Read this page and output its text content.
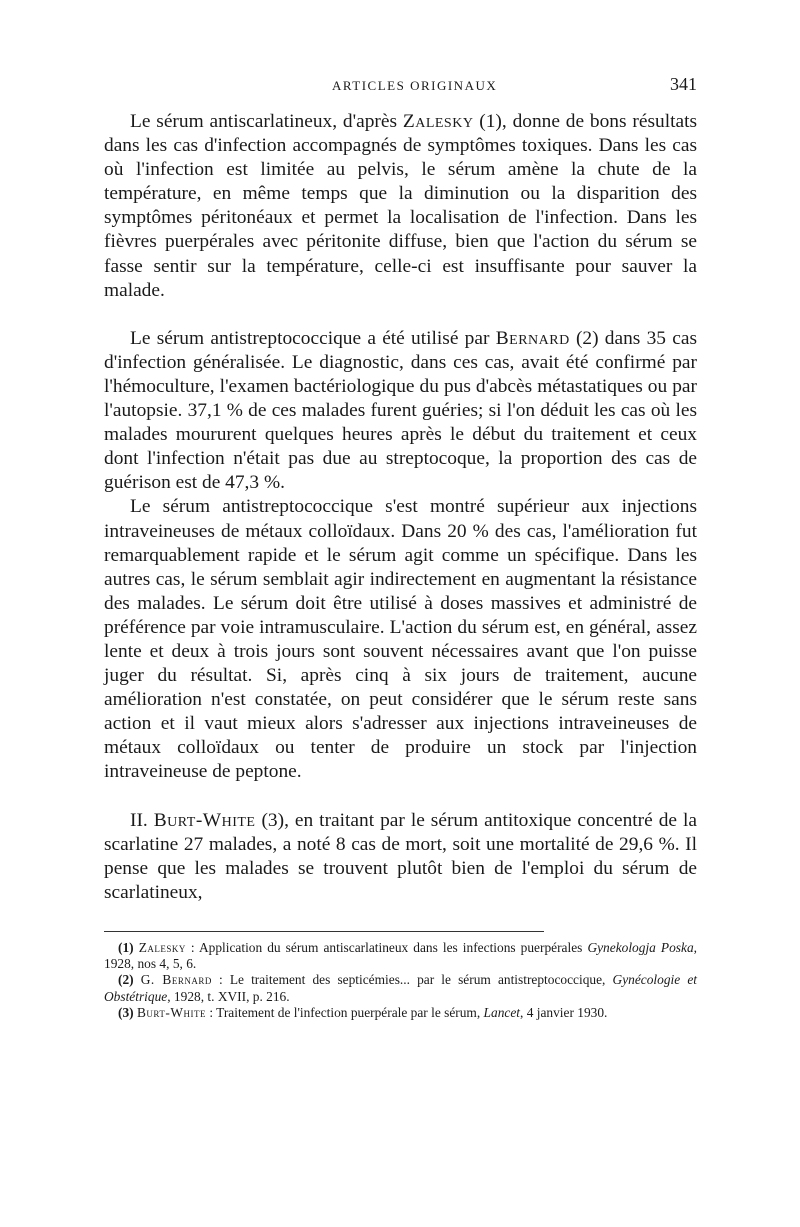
ARTICLES ORIGINAUX	341

Le sérum antiscarlatineux, d'après Zalesky (1), donne de bons résultats dans les cas d'infection accompagnés de symptômes toxiques. Dans les cas où l'infection est limitée au pelvis, le sérum amène la chute de la température, en même temps que la diminution ou la disparition des symptômes péritonéaux et permet la localisation de l'infection. Dans les fièvres puerpérales avec péritonite diffuse, bien que l'action du sérum se fasse sentir sur la température, celle-ci est insuffisante pour sauver la malade.

Le sérum antistreptococcique a été utilisé par Bernard (2) dans 35 cas d'infection généralisée. Le diagnostic, dans ces cas, avait été confirmé par l'hémoculture, l'examen bactériologique du pus d'abcès métastatiques ou par l'autopsie. 37,1 % de ces malades furent guéries; si l'on déduit les cas où les malades moururent quelques heures après le début du traitement et ceux dont l'infection n'était pas due au streptocoque, la proportion des cas de guérison est de 47,3 %.

Le sérum antistreptococcique s'est montré supérieur aux injections intraveineuses de métaux colloïdaux. Dans 20 % des cas, l'amélioration fut remarquablement rapide et le sérum agit comme un spécifique. Dans les autres cas, le sérum semblait agir indirectement en augmentant la résistance des malades. Le sérum doit être utilisé à doses massives et administré de préférence par voie intramusculaire. L'action du sérum est, en général, assez lente et deux à trois jours sont souvent nécessaires avant que l'on puisse juger du résultat. Si, après cinq à six jours de traitement, aucune amélioration n'est constatée, on peut considérer que le sérum reste sans action et il vaut mieux alors s'adresser aux injections intraveineuses de métaux colloïdaux ou tenter de produire un stock par l'injection intraveineuse de peptone.

II. Burt-White (3), en traitant par le sérum antitoxique concentré de la scarlatine 27 malades, a noté 8 cas de mort, soit une mortalité de 29,6 %. Il pense que les malades se trouvent plutôt bien de l'emploi du sérum de scarlatineux,

(1) Zalesky : Application du sérum antiscarlatineux dans les infections puerpérales Gynekologja Poska, 1928, nos 4, 5, 6.

(2) G. Bernard : Le traitement des septicémies... par le sérum antistreptococcique, Gynécologie et Obstétrique, 1928, t. XVII, p. 216.

(3) Burt-White : Traitement de l'infection puerpérale par le sérum, Lancet, 4 janvier 1930.
